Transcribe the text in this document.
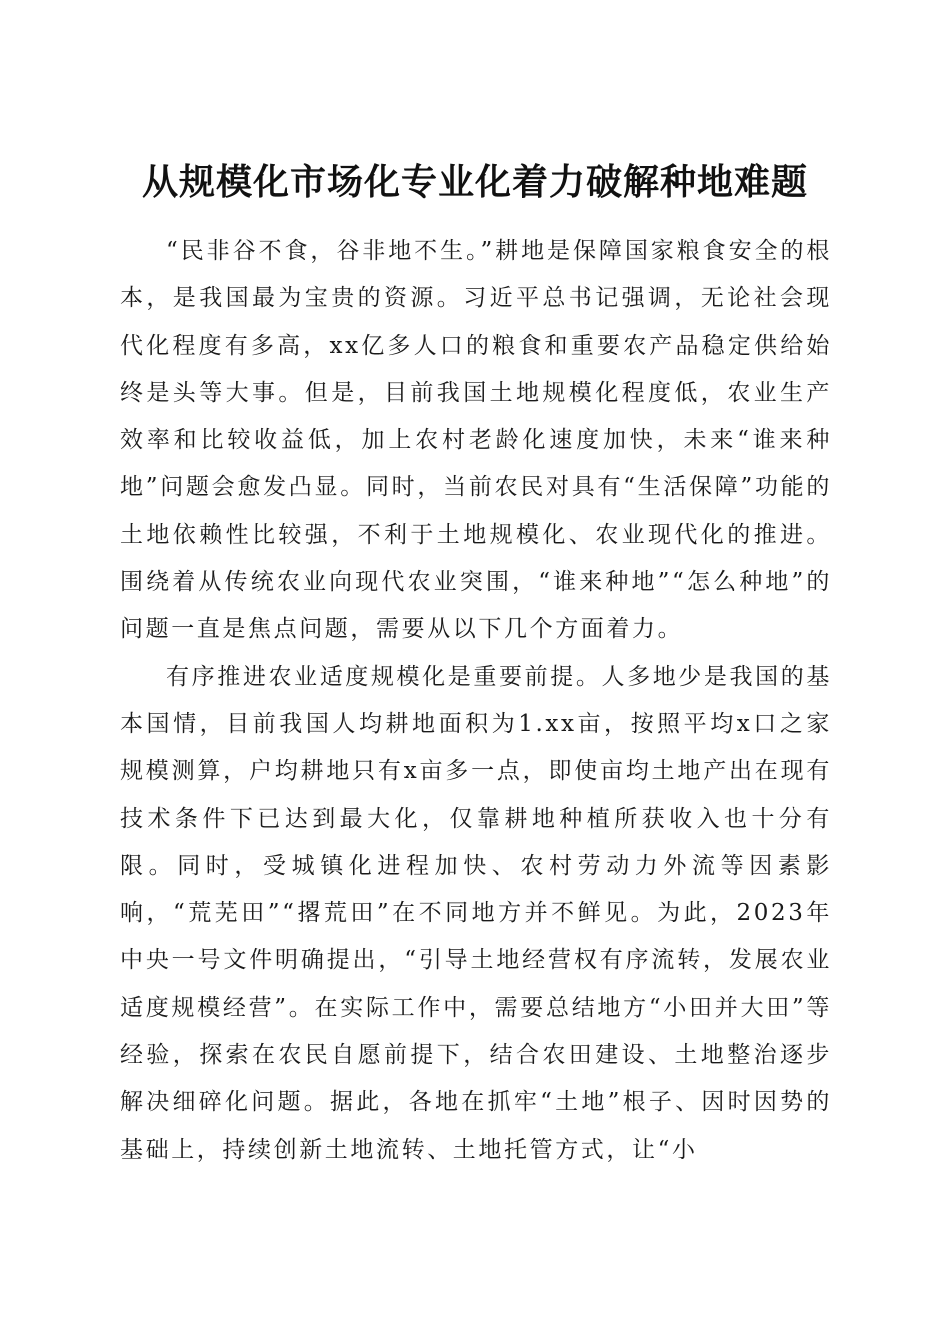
从规模化市场化专业化着力破解种地难题

“民非谷不食，谷非地不生。”耕地是保障国家粮食安全的根本，是我国最为宝贵的资源。习近平总书记强调，无论社会现代化程度有多高，xx亿多人口的粮食和重要农产品稳定供给始终是头等大事。但是，目前我国土地规模化程度低，农业生产效率和比较收益低，加上农村老龄化速度加快，未来“谁来种地”问题会愈发凸显。同时，当前农民对具有“生活保障”功能的土地依赖性比较强，不利于土地规模化、农业现代化的推进。围绕着从传统农业向现代农业突围，“谁来种地”“怎么种地”的问题一直是焦点问题，需要从以下几个方面着力。

有序推进农业适度规模化是重要前提。人多地少是我国的基本国情，目前我国人均耕地面积为1.xx亩，按照平均x口之家规模测算，户均耕地只有x亩多一点，即使亩均土地产出在现有技术条件下已达到最大化，仅靠耕地种植所获收入也十分有限。同时，受城镇化进程加快、农村劳动力外流等因素影响，“荒芜田”“撂荒田”在不同地方并不鲜见。为此，2023年中央一号文件明确提出，“引导土地经营权有序流转，发展农业适度规模经营”。在实际工作中，需要总结地方“小田并大田”等经验，探索在农民自愿前提下，结合农田建设、土地整治逐步解决细碎化问题。据此，各地在抓牢“土地”根子、因时因势的基础上，持续创新土地流转、土地托管方式，让“小
